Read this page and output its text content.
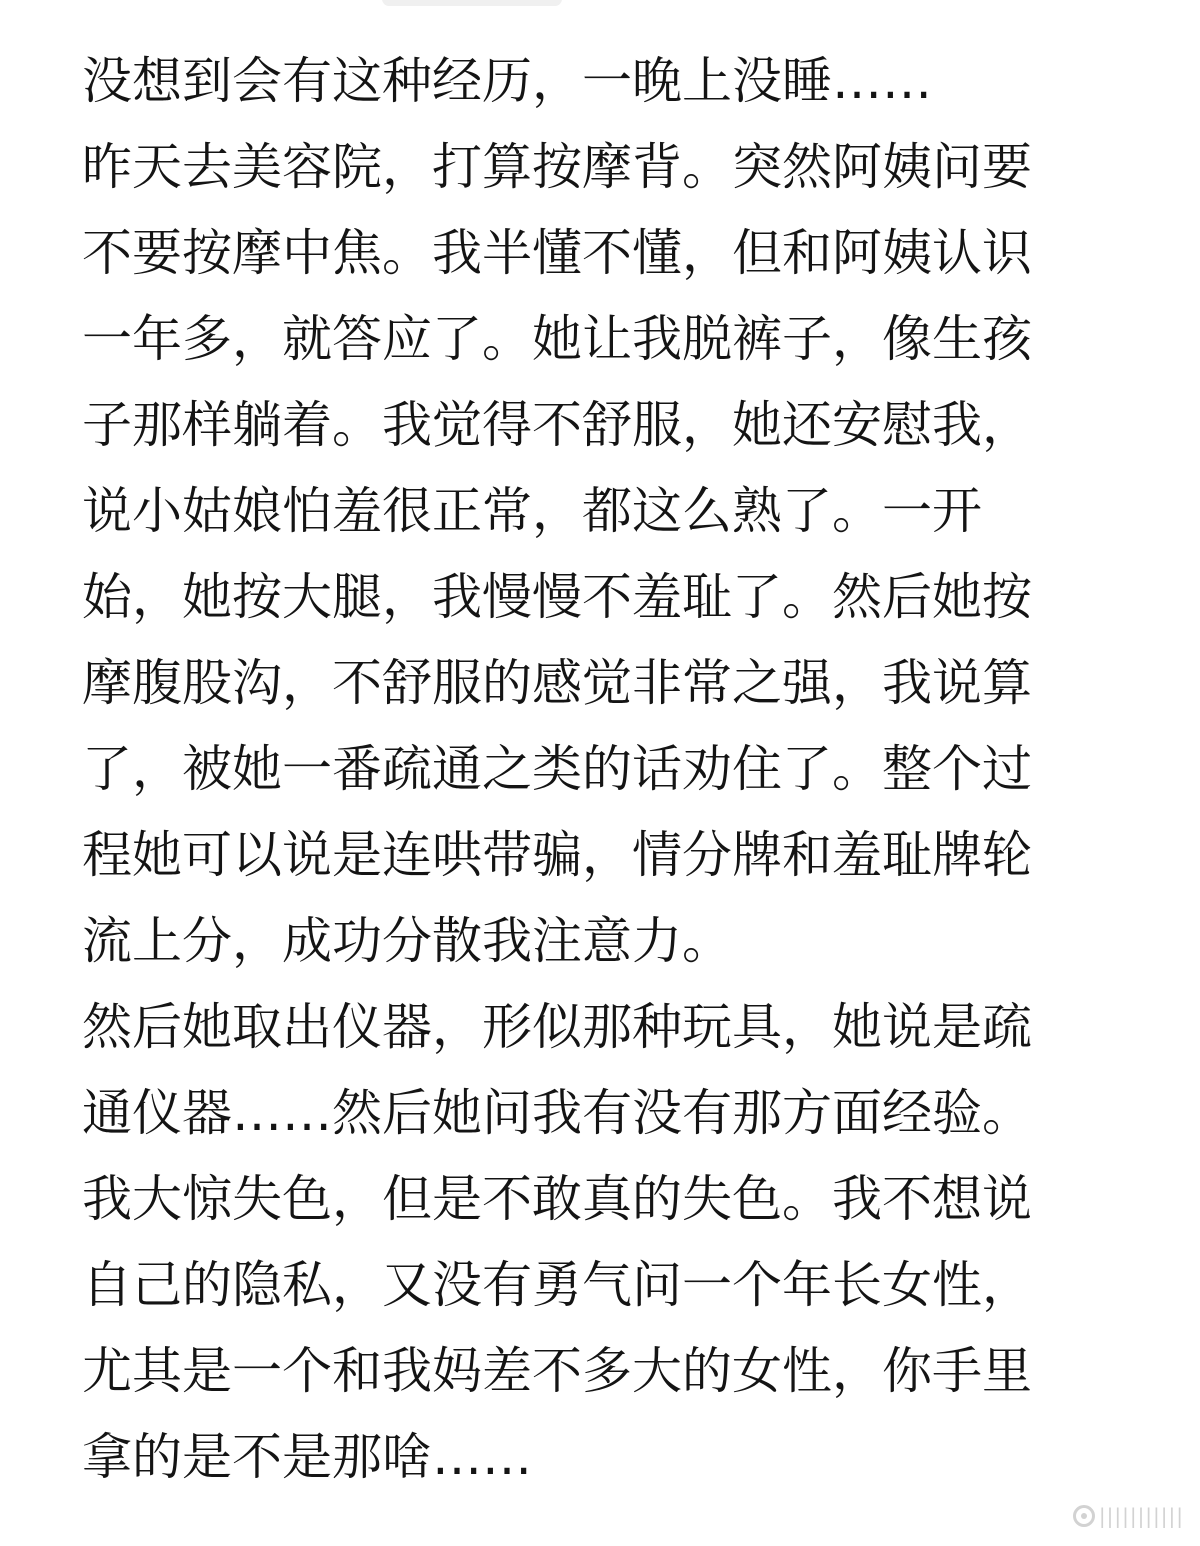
没想到会有这种经历，一晚上没睡……
昨天去美容院，打算按摩背。突然阿姨问要
不要按摩中焦。我半懂不懂，但和阿姨认识
一年多，就答应了。她让我脱裤子，像生孩
子那样躺着。我觉得不舒服，她还安慰我，
说小姑娘怕羞很正常，都这么熟了。一开
始，她按大腿，我慢慢不羞耻了。然后她按
摩腹股沟，不舒服的感觉非常之强，我说算
了，被她一番疏通之类的话劝住了。整个过
程她可以说是连哄带骗，情分牌和羞耻牌轮
流上分，成功分散我注意力。
然后她取出仪器，形似那种玩具，她说是疏
通仪器……然后她问我有没有那方面经验。
我大惊失色，但是不敢真的失色。我不想说
自己的隐私，又没有勇气问一个年长女性，
尤其是一个和我妈差不多大的女性，你手里
拿的是不是那啥……
|||||||||||
